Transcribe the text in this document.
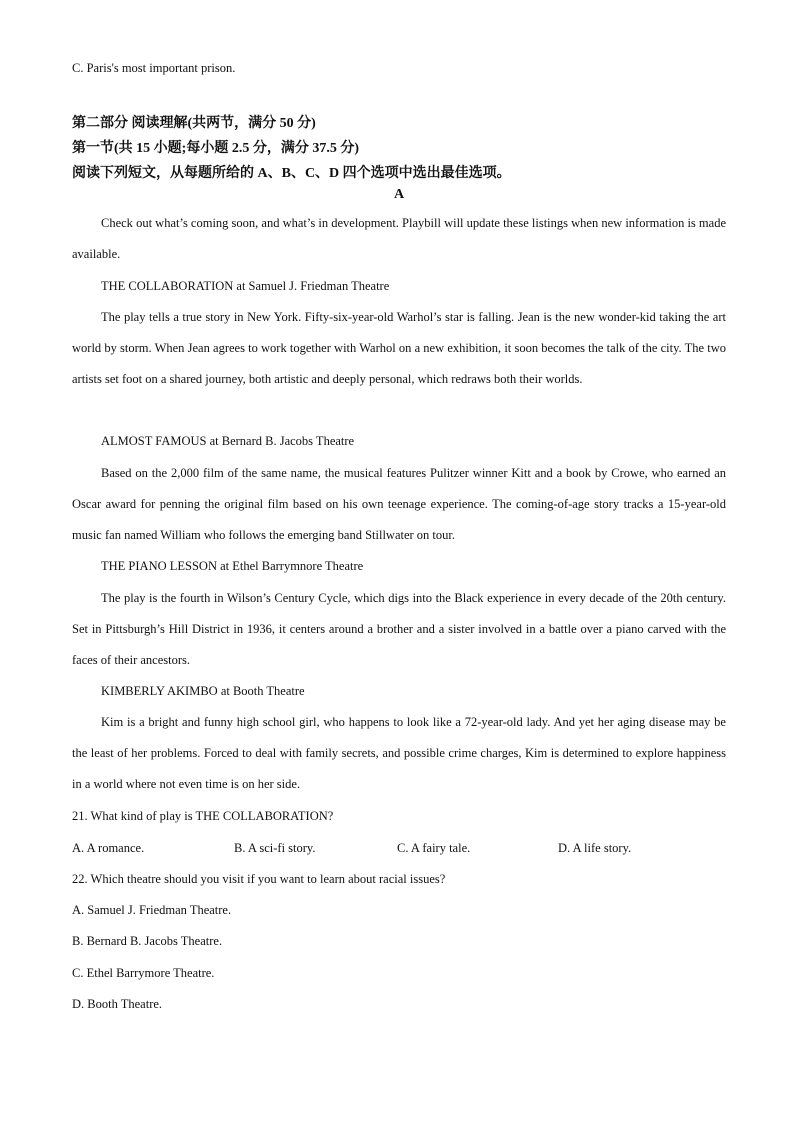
C. Paris's most important prison.
第二部分 阅读理解(共两节，满分 50 分)
第一节(共 15 小题;每小题 2.5 分，满分 37.5 分)
阅读下列短文，从每题所给的 A、B、C、D 四个选项中选出最佳选项。
A
Check out what’s coming soon, and what’s in development. Playbill will update these listings when new information is made available.
THE COLLABORATION at Samuel J. Friedman Theatre
The play tells a true story in New York. Fifty-six-year-old Warhol’s star is falling. Jean is the new wonder-kid taking the art world by storm. When Jean agrees to work together with Warhol on a new exhibition, it soon becomes the talk of the city. The two artists set foot on a shared journey, both artistic and deeply personal, which redraws both their worlds.
ALMOST FAMOUS at Bernard B. Jacobs Theatre
Based on the 2,000 film of the same name, the musical features Pulitzer winner Kitt and a book by Crowe, who earned an Oscar award for penning the original film based on his own teenage experience. The coming-of-age story tracks a 15-year-old music fan named William who follows the emerging band Stillwater on tour.
THE PIANO LESSON at Ethel Barrymnore Theatre
The play is the fourth in Wilson’s Century Cycle, which digs into the Black experience in every decade of the 20th century. Set in Pittsburgh’s Hill District in 1936, it centers around a brother and a sister involved in a battle over a piano carved with the faces of their ancestors.
KIMBERLY AKIMBO at Booth Theatre
Kim is a bright and funny high school girl, who happens to look like a 72-year-old lady. And yet her aging disease may be the least of her problems. Forced to deal with family secrets, and possible crime charges, Kim is determined to explore happiness in a world where not even time is on her side.
21. What kind of play is THE COLLABORATION?
A. A romance.	B. A sci-fi story.	C. A fairy tale.	D. A life story.
22. Which theatre should you visit if you want to learn about racial issues?
A. Samuel J. Friedman Theatre.
B. Bernard B. Jacobs Theatre.
C. Ethel Barrymore Theatre.
D. Booth Theatre.
